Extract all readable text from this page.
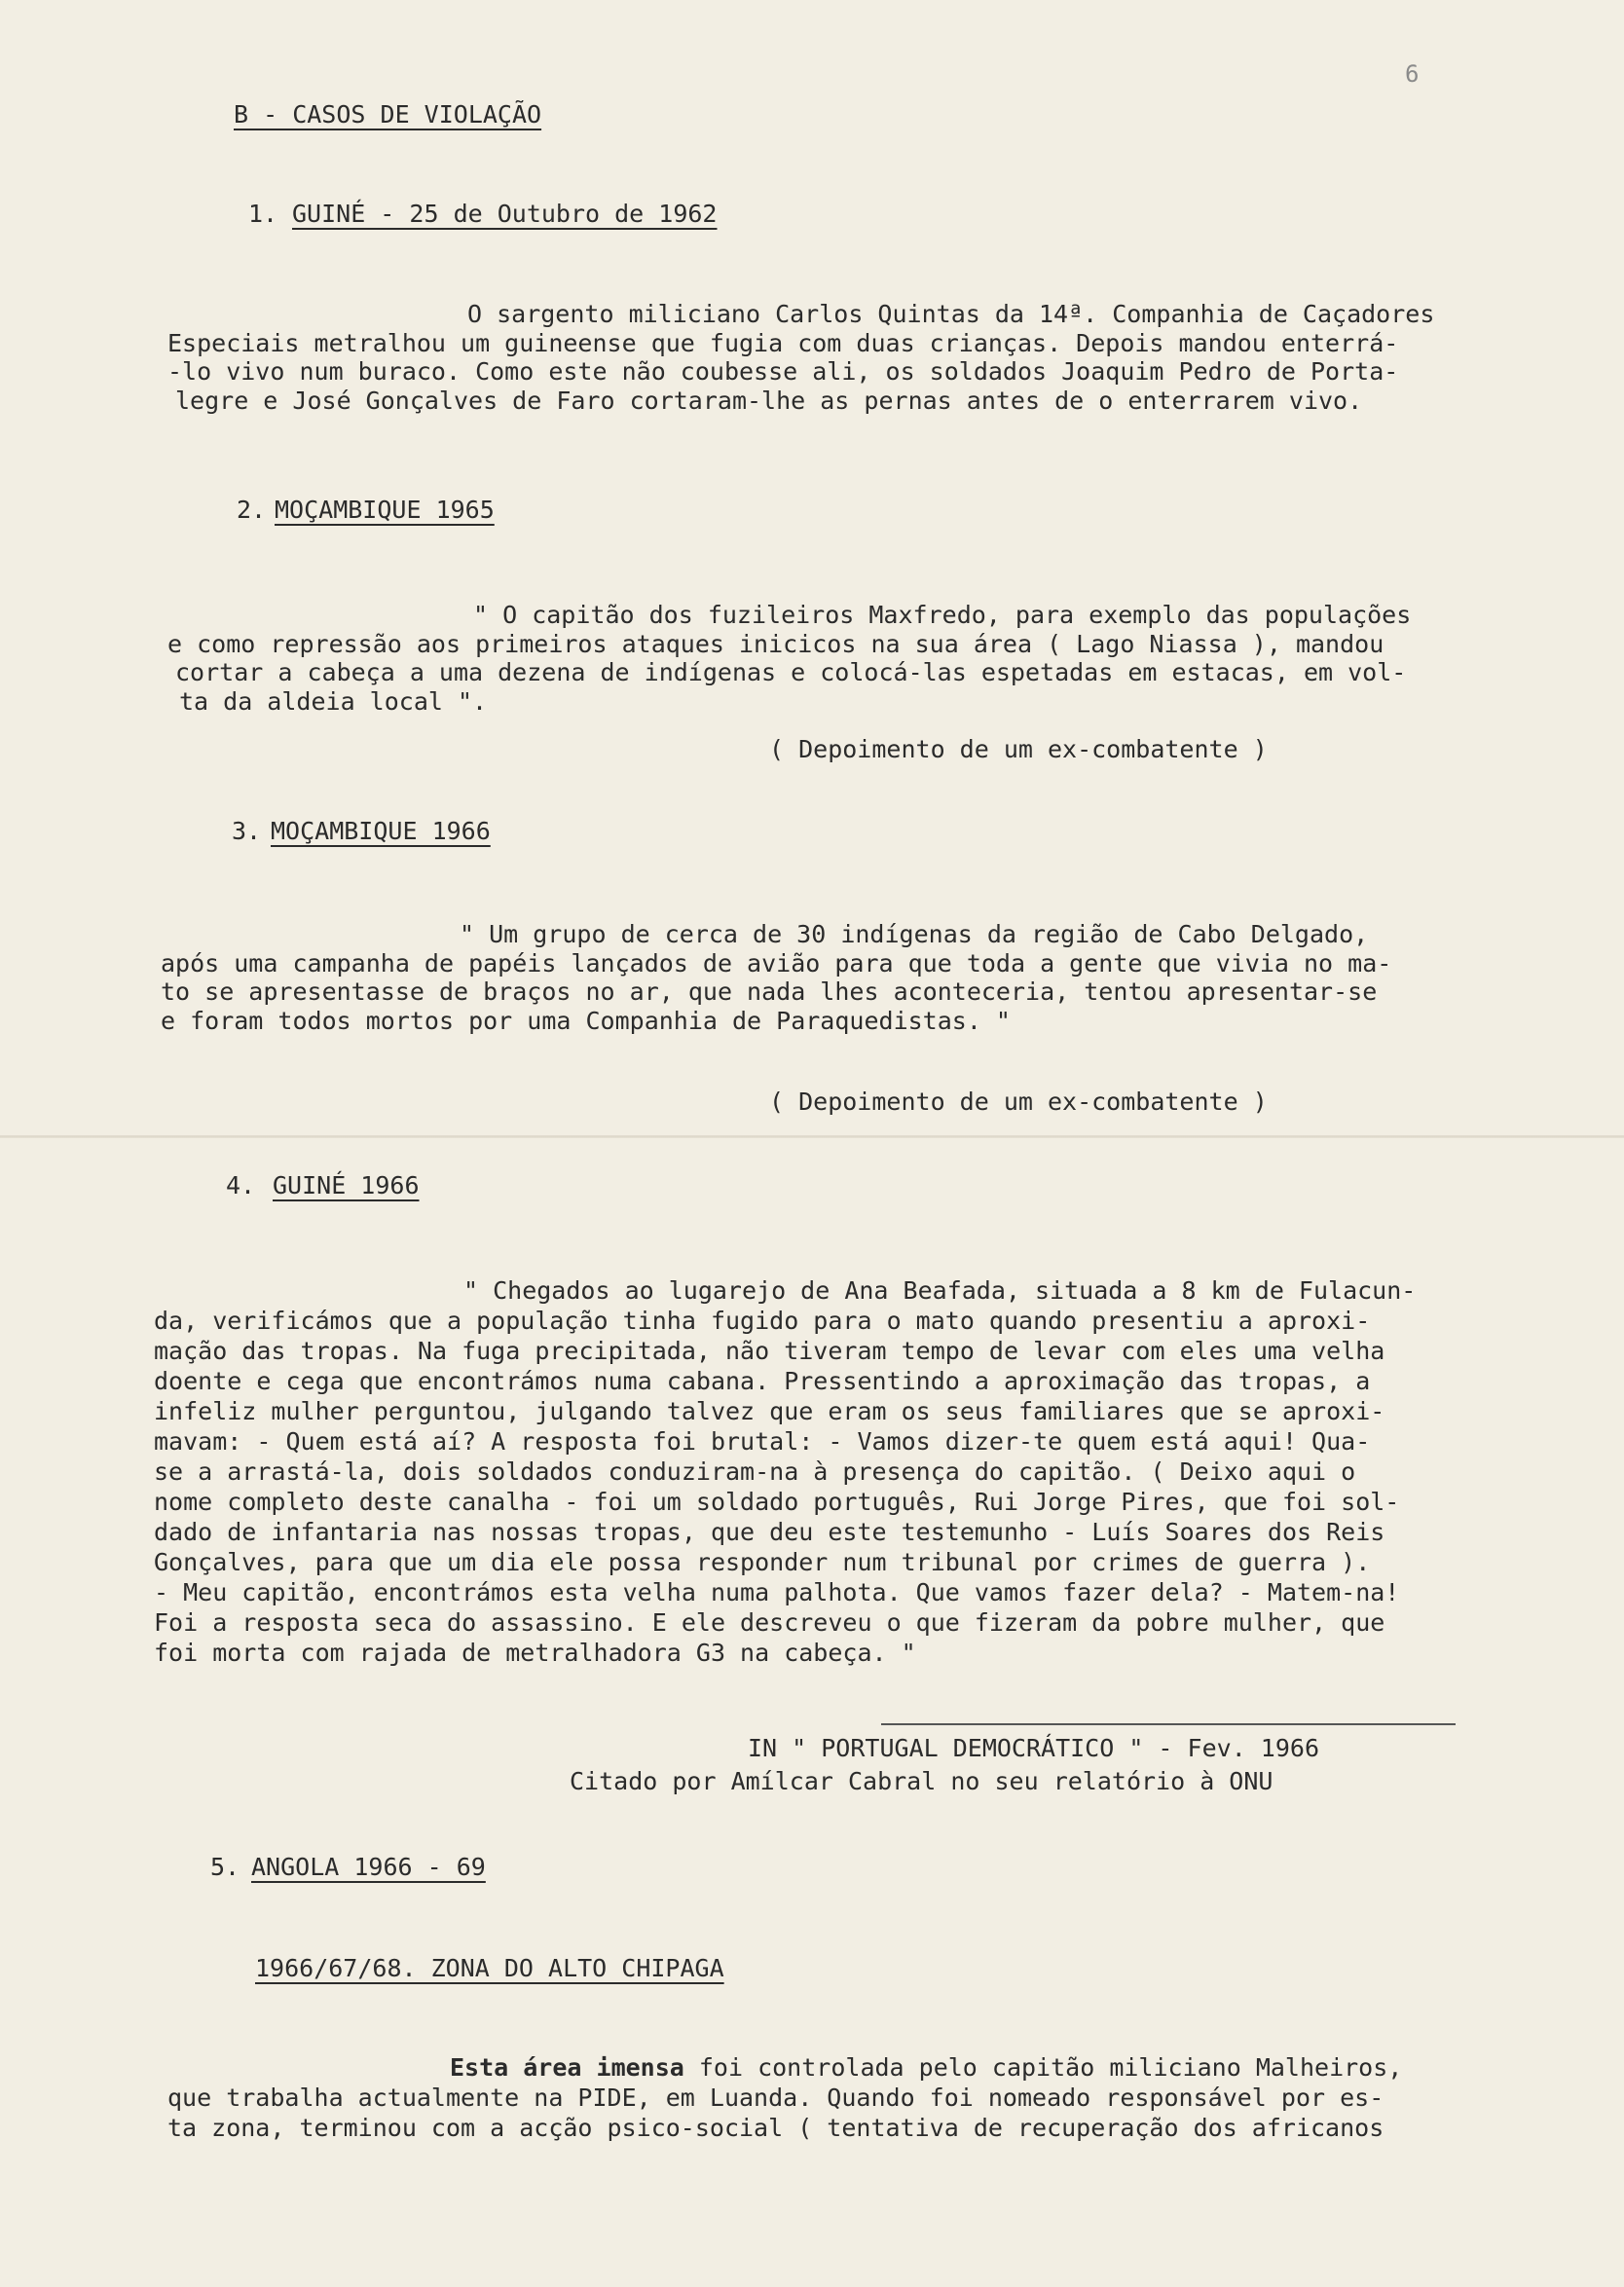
6
B - CASOS DE VIOLAÇÃO
1. GUINÉ - 25 de Outubro de 1962
O sargento miliciano Carlos Quintas da 14ª. Companhia de Caçadores
Especiais metralhou um guineense que fugia com duas crianças. Depois mandou enterrá-
-lo vivo num buraco. Como este não coubesse ali, os soldados Joaquim Pedro de Porta-
legre e José Gonçalves de Faro cortaram-lhe as pernas antes de o enterrarem vivo.
2. MOÇAMBIQUE 1965
" O capitão dos fuzileiros Maxfredo, para exemplo das populações
e como repressão aos primeiros ataques inicicos na sua área ( Lago Niassa ), mandou
cortar a cabeça a uma dezena de indígenas e colocá-las espetadas em estacas, em vol-
ta da aldeia local ".
( Depoimento de um ex-combatente )
3. MOÇAMBIQUE 1966
" Um grupo de cerca de 30 indígenas da região de Cabo Delgado,
após uma campanha de papéis lançados de avião para que toda a gente que vivia no ma-
to se apresentasse de braços no ar, que nada lhes aconteceria, tentou apresentar-se
e foram todos mortos por uma Companhia de Paraquedistas. "
( Depoimento de um ex-combatente )
4. GUINÉ 1966
" Chegados ao lugarejo de Ana Beafada, situada a 8 km de Fulacun-
da, verificámos que a população tinha fugido para o mato quando presentiu a aproxi-
mação das tropas. Na fuga precipitada, não tiveram tempo de levar com eles uma velha
doente e cega que encontrámos numa cabana. Pressentindo a aproximação das tropas, a
infeliz mulher perguntou, julgando talvez que eram os seus familiares que se aproxi-
mavam: - Quem está aí? A resposta foi brutal: - Vamos dizer-te quem está aqui! Qua-
se a arrastá-la, dois soldados conduziram-na à presença do capitão. ( Deixo aqui o
nome completo deste canalha - foi um soldado português, Rui Jorge Pires, que foi sol-
dado de infantaria nas nossas tropas, que deu este testemunho - Luís Soares dos Reis
Gonçalves, para que um dia ele possa responder num tribunal por crimes de guerra ).
- Meu capitão, encontrámos esta velha numa palhota. Que vamos fazer dela? - Matem-na!
Foi a resposta seca do assassino. E ele descreveu o que fizeram da pobre mulher, que
foi morta com rajada de metralhadora G3 na cabeça. "
IN " PORTUGAL DEMOCRÁTICO " - Fev. 1966
Citado por Amílcar Cabral no seu relatório à ONU
5. ANGOLA 1966 - 69
1966/67/68. ZONA DO ALTO CHIPAGA
Esta área imensa foi controlada pelo capitão miliciano Malheiros,
que trabalha actualmente na PIDE, em Luanda. Quando foi nomeado responsável por es-
ta zona, terminou com a acção psico-social ( tentativa de recuperação dos africanos
